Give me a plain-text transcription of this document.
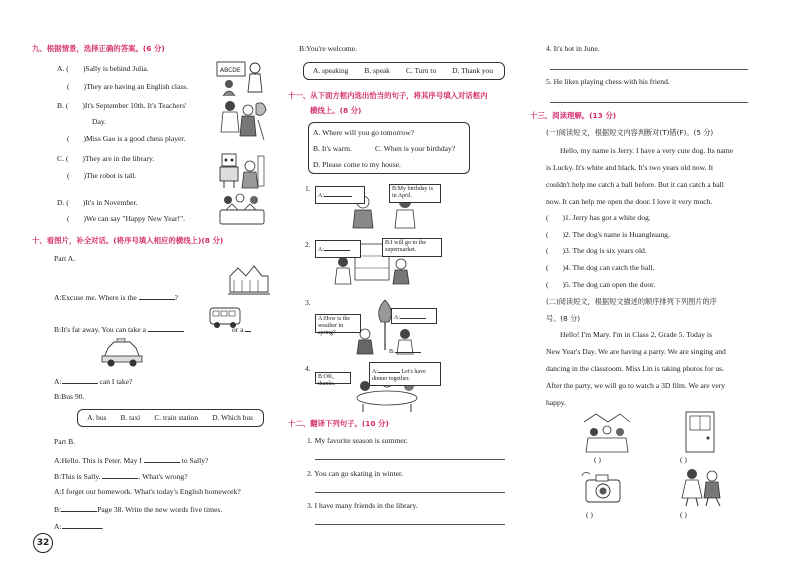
九、根据情景，选择正确的答案。(6 分)
A. ( )Sally is behind Julia.
( )They are having an English class.
B. ( )It's September 10th. It's Teachers'
Day.
( )Miss Gao is a good chess player.
C. ( )They are in the library.
( )The robot is tall.
D. ( )It's in November.
( )We can say "Happy New Year!".
ABCDE
十、看图片，补全对话。(将序号填入相应的横线上)(8 分)
Part A.
A:Excuse me. Where is the	?
B:It's far away. You can take a	or a
A:	can I take?
B:Bus 90.
A. bus B. taxi C. train station D. Which bus
Part B.
A:Hello. This is Peter. May I	to Sally?
B:This is Sally.	. What's wrong?
A:I forget our homework. What's today's English homework?
B:	Page 38. Write the new words five times.
A:	.
32
B:You're welcome.
A. speaking B. speak C. Turn to D. Thank you
十一、从下面方框内选出恰当的句子，将其序号填入对话框内
横线上。(8 分)
A. Where will you go tomorrow?
B. It's warm.	C. When is your birthday?
D. Please come to my house.
1.
A:
B:My birthday is in April.
2.
A:
B:I will go to the supermarket.
3.
A:How is the weather in spring?
A:
B:
4.
B:OK, thanks.
A:	Let's have dinner together.
十二、翻译下列句子。(10 分)
1. My favorite season is summer.
2. You can go skating in winter.
3. I have many friends in the library.
4. It's hot in June.
5. He likes playing chess with his friend.
十三、阅读理解。(13 分)
(一)阅读短文，根据短文内容判断对(T)错(F)。(5 分)
Hello, my name is Jerry. I have a very cute dog. Its name
is Lucky. It's white and black. It's two years old now. It
couldn't help me catch a ball before. But it can catch a ball
now. It can help me open the door. I love it very much.
( )1. Jerry has got a white dog.
( )2. The dog's name is Huanghuang.
( )3. The dog is six years old.
( )4. The dog can catch the ball.
( )5. The dog can open the door.
(二)阅读短文，根据短文描述的顺序排列下列图片的序
号。(8 分)
Hello! I'm Mary. I'm in Class 2, Grade 5. Today is
New Year's Day. We are having a party. We are singing and
dancing in the classroom. Miss Lin is taking photos for us.
After the party, we will go to watch a 3D film. We are very
happy.
( )	( )
( )	( )
